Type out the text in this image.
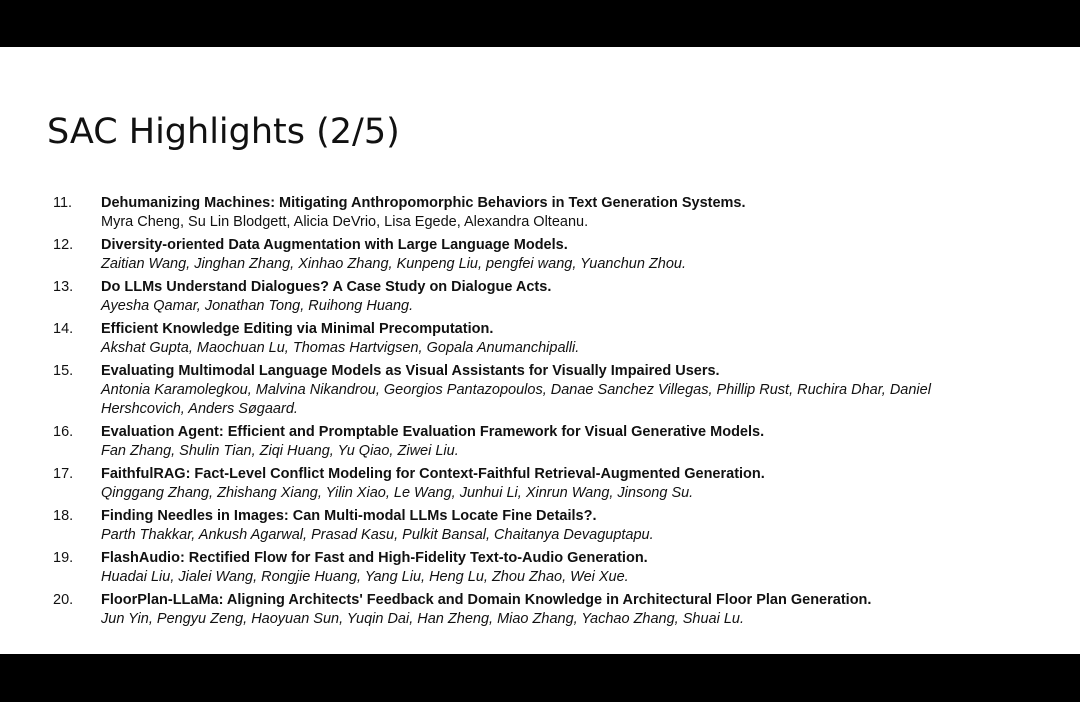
SAC Highlights (2/5)
11. Dehumanizing Machines: Mitigating Anthropomorphic Behaviors in Text Generation Systems.
Myra Cheng, Su Lin Blodgett, Alicia DeVrio, Lisa Egede, Alexandra Olteanu.
12. Diversity-oriented Data Augmentation with Large Language Models.
Zaitian Wang, Jinghan Zhang, Xinhao Zhang, Kunpeng Liu, pengfei wang, Yuanchun Zhou.
13. Do LLMs Understand Dialogues? A Case Study on Dialogue Acts.
Ayesha Qamar, Jonathan Tong, Ruihong Huang.
14. Efficient Knowledge Editing via Minimal Precomputation.
Akshat Gupta, Maochuan Lu, Thomas Hartvigsen, Gopala Anumanchipalli.
15. Evaluating Multimodal Language Models as Visual Assistants for Visually Impaired Users.
Antonia Karamolegkou, Malvina Nikandrou, Georgios Pantazopoulos, Danae Sanchez Villegas, Phillip Rust, Ruchira Dhar, Daniel Hershcovich, Anders Søgaard.
16. Evaluation Agent: Efficient and Promptable Evaluation Framework for Visual Generative Models.
Fan Zhang, Shulin Tian, Ziqi Huang, Yu Qiao, Ziwei Liu.
17. FaithfulRAG: Fact-Level Conflict Modeling for Context-Faithful Retrieval-Augmented Generation.
Qinggang Zhang, Zhishang Xiang, Yilin Xiao, Le Wang, Junhui Li, Xinrun Wang, Jinsong Su.
18. Finding Needles in Images: Can Multi-modal LLMs Locate Fine Details?.
Parth Thakkar, Ankush Agarwal, Prasad Kasu, Pulkit Bansal, Chaitanya Devaguptapu.
19. FlashAudio: Rectified Flow for Fast and High-Fidelity Text-to-Audio Generation.
Huadai Liu, Jialei Wang, Rongjie Huang, Yang Liu, Heng Lu, Zhou Zhao, Wei Xue.
20. FloorPlan-LLaMa: Aligning Architects' Feedback and Domain Knowledge in Architectural Floor Plan Generation.
Jun Yin, Pengyu Zeng, Haoyuan Sun, Yuqin Dai, Han Zheng, Miao Zhang, Yachao Zhang, Shuai Lu.
